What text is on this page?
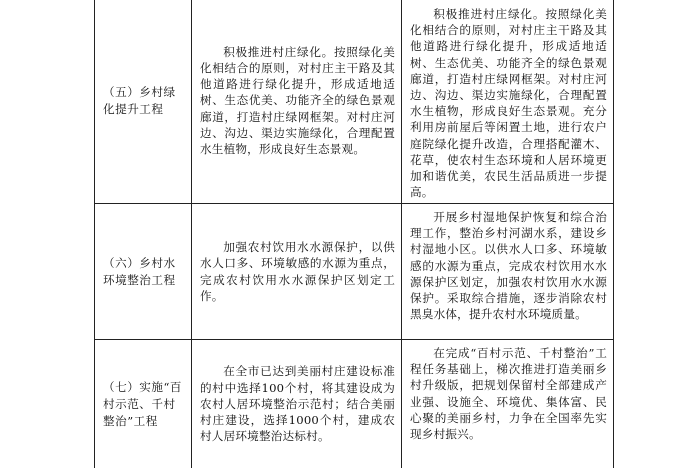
（五）乡村绿化提升工程
积极推进村庄绿化。按照绿化美化相结合的原则，对村庄主干路及其他道路进行绿化提升，形成适地适树、生态优美、功能齐全的绿色景观廊道，打造村庄绿网框架。对村庄河边、沟边、渠边实施绿化，合理配置水生植物，形成良好生态景观。
积极推进村庄绿化。按照绿化美化相结合的原则，对村庄主干路及其他道路进行绿化提升，形成适地适树、生态优美、功能齐全的绿色景观廊道，打造村庄绿网框架。对村庄河边、沟边、渠边实施绿化，合理配置水生植物，形成良好生态景观。充分利用房前屋后等闲置土地，进行农户庭院绿化提升改造，合理搭配灌木、花草，使农村生态环境和人居环境更加和谐优美，农民生活品质进一步提高。
（六）乡村水环境整治工程
加强农村饮用水水源保护，以供水人口多、环境敏感的水源为重点，完成农村饮用水水源保护区划定工作。
开展乡村湿地保护恢复和综合治理工作，整治乡村河湖水系，建设乡村湿地小区。以供水人口多、环境敏感的水源为重点，完成农村饮用水水源保护区划定，加强农村饮用水水源保护。采取综合措施，逐步消除农村黑臭水体，提升农村水环境质量。
（七）实施“百村示范、千村整治”工程
在全市已达到美丽村庄建设标准的村中选择100个村，将其建设成为农村人居环境整治示范村；结合美丽村庄建设，选择1000个村，建成农村人居环境整治达标村。
在完成“百村示范、千村整治”工程任务基础上，梯次推进打造美丽乡村升级版，把规划保留村全部建成产业强、设施全、环境优、集体富、民心聚的美丽乡村，力争在全国率先实现乡村振兴。
